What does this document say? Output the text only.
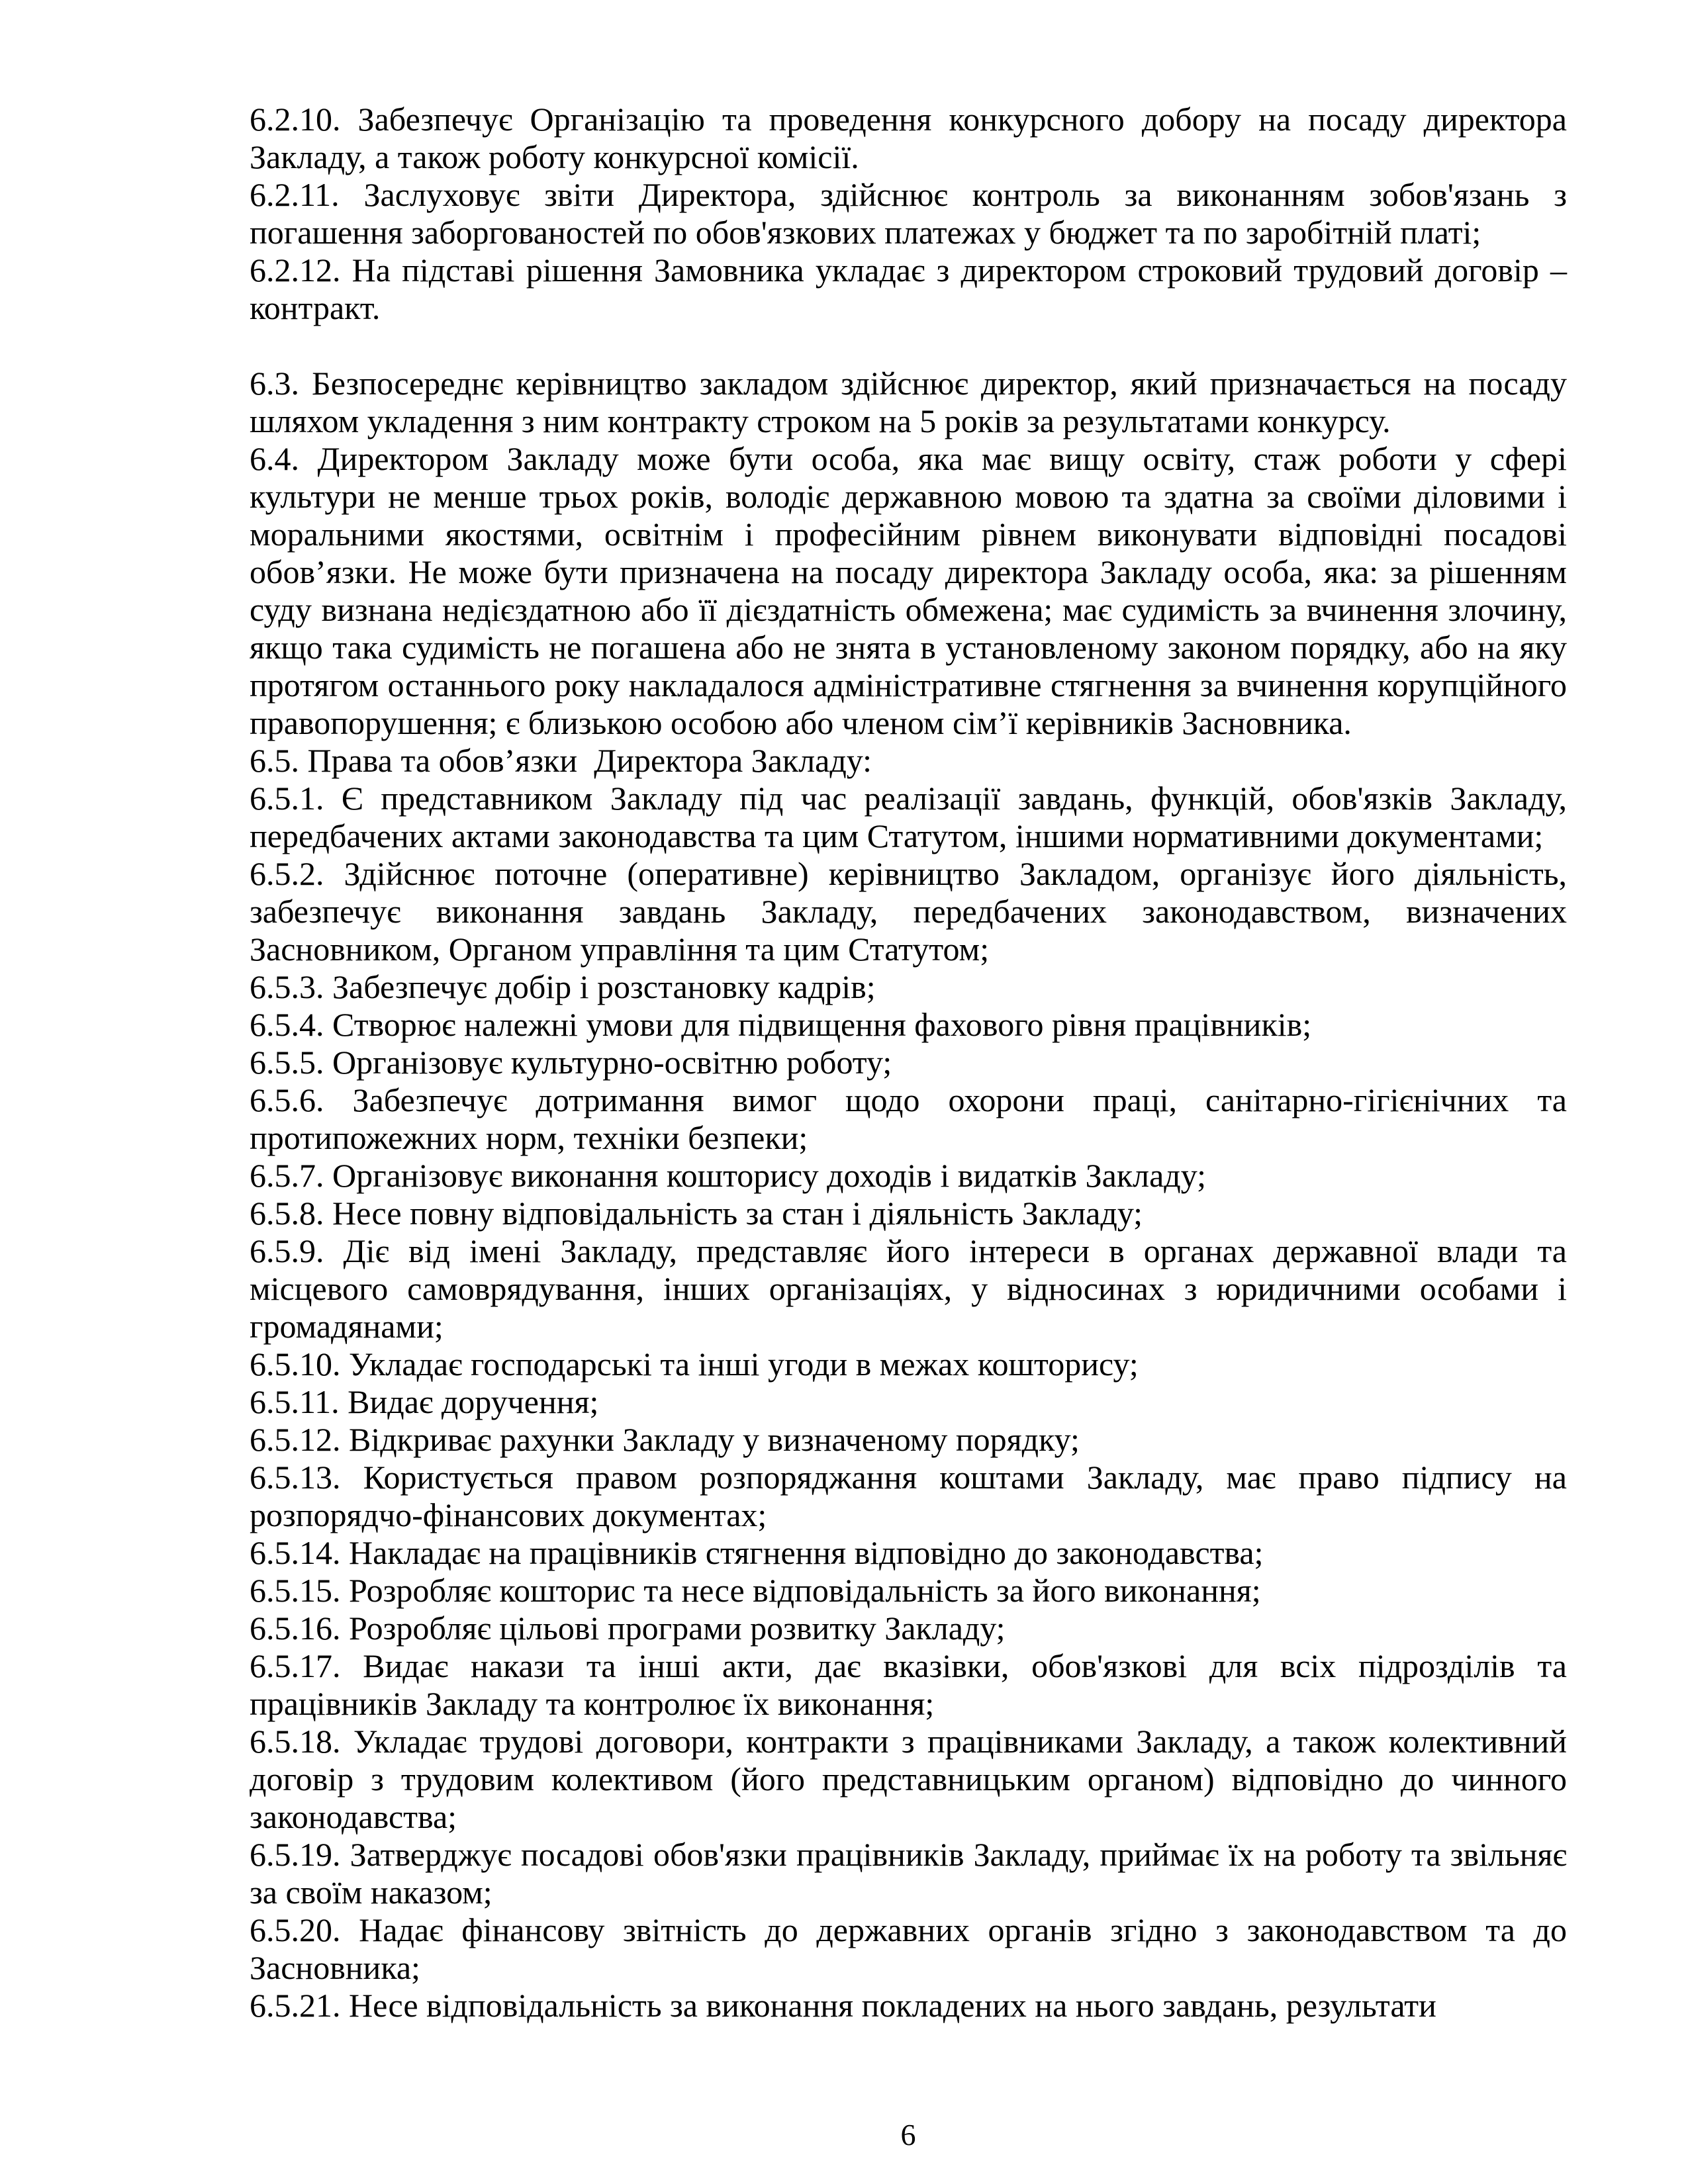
6.2.10. Забезпечує Організацію та проведення конкурсного добору на посаду директора Закладу, а також роботу конкурсної комісії.

6.2.11. Заслуховує звіти Директора, здійснює контроль за виконанням зобов'язань з погашення заборгованостей по обов'язкових платежах у бюджет та по заробітній платі;

6.2.12. На підставі рішення Замовника укладає з директором строковий трудовий договір – контракт.

6.3. Безпосереднє керівництво закладом здійснює директор, який призначається на посаду шляхом укладення з ним контракту строком на 5 років за результатами конкурсу.

6.4. Директором Закладу може бути особа, яка має вищу освіту, стаж роботи у сфері культури не менше трьох років, володіє державною мовою та здатна за своїми діловими і моральними якостями, освітнім і професійним рівнем виконувати відповідні посадові обов’язки. Не може бути призначена на посаду директора Закладу особа, яка: за рішенням суду визнана недієздатною або її дієздатність обмежена; має судимість за вчинення злочину, якщо така судимість не погашена або не знята в установленому законом порядку, або на яку протягом останнього року накладалося адміністративне стягнення за вчинення корупційного правопорушення; є близькою особою або членом сім’ї керівників Засновника.

6.5. Права та обов’язки  Директора Закладу:

6.5.1. Є представником Закладу під час реалізації завдань, функцій, обов'язків Закладу, передбачених актами законодавства та цим Статутом, іншими нормативними документами;

6.5.2. Здійснює поточне (оперативне) керівництво Закладом, організує його діяльність, забезпечує виконання завдань Закладу, передбачених законодавством, визначених Засновником, Органом управління та цим Статутом;

6.5.3. Забезпечує добір і розстановку кадрів;

6.5.4. Створює належні умови для підвищення фахового рівня працівників;

6.5.5. Організовує культурно-освітню роботу;

6.5.6. Забезпечує дотримання вимог щодо охорони праці, санітарно-гігієнічних та протипожежних норм, техніки безпеки;

6.5.7. Організовує виконання кошторису доходів і видатків Закладу;

6.5.8. Несе повну відповідальність за стан і діяльність Закладу;

6.5.9. Діє від імені Закладу, представляє його інтереси в органах державної влади та місцевого самоврядування, інших організаціях, у відносинах з юридичними особами і громадянами;

6.5.10. Укладає господарські та інші угоди в межах кошторису;

6.5.11. Видає доручення;

6.5.12. Відкриває рахунки Закладу у визначеному порядку;

6.5.13. Користується правом розпоряджання коштами Закладу, має право підпису на розпорядчо-фінансових документах;

6.5.14. Накладає на працівників стягнення відповідно до законодавства;

6.5.15. Розробляє кошторис та несе відповідальність за його виконання;

6.5.16. Розробляє цільові програми розвитку Закладу;

6.5.17. Видає накази та інші акти, дає вказівки, обов'язкові для всіх підрозділів та працівників Закладу та контролює їх виконання;

6.5.18. Укладає трудові договори, контракти з працівниками Закладу, а також колективний договір з трудовим колективом (його представницьким органом) відповідно до чинного законодавства;

6.5.19. Затверджує посадові обов'язки працівників Закладу, приймає їх на роботу та звільняє за своїм наказом;

6.5.20. Надає фінансову звітність до державних органів згідно з законодавством та до Засновника;

6.5.21. Несе відповідальність за виконання покладених на нього завдань, результати

6
